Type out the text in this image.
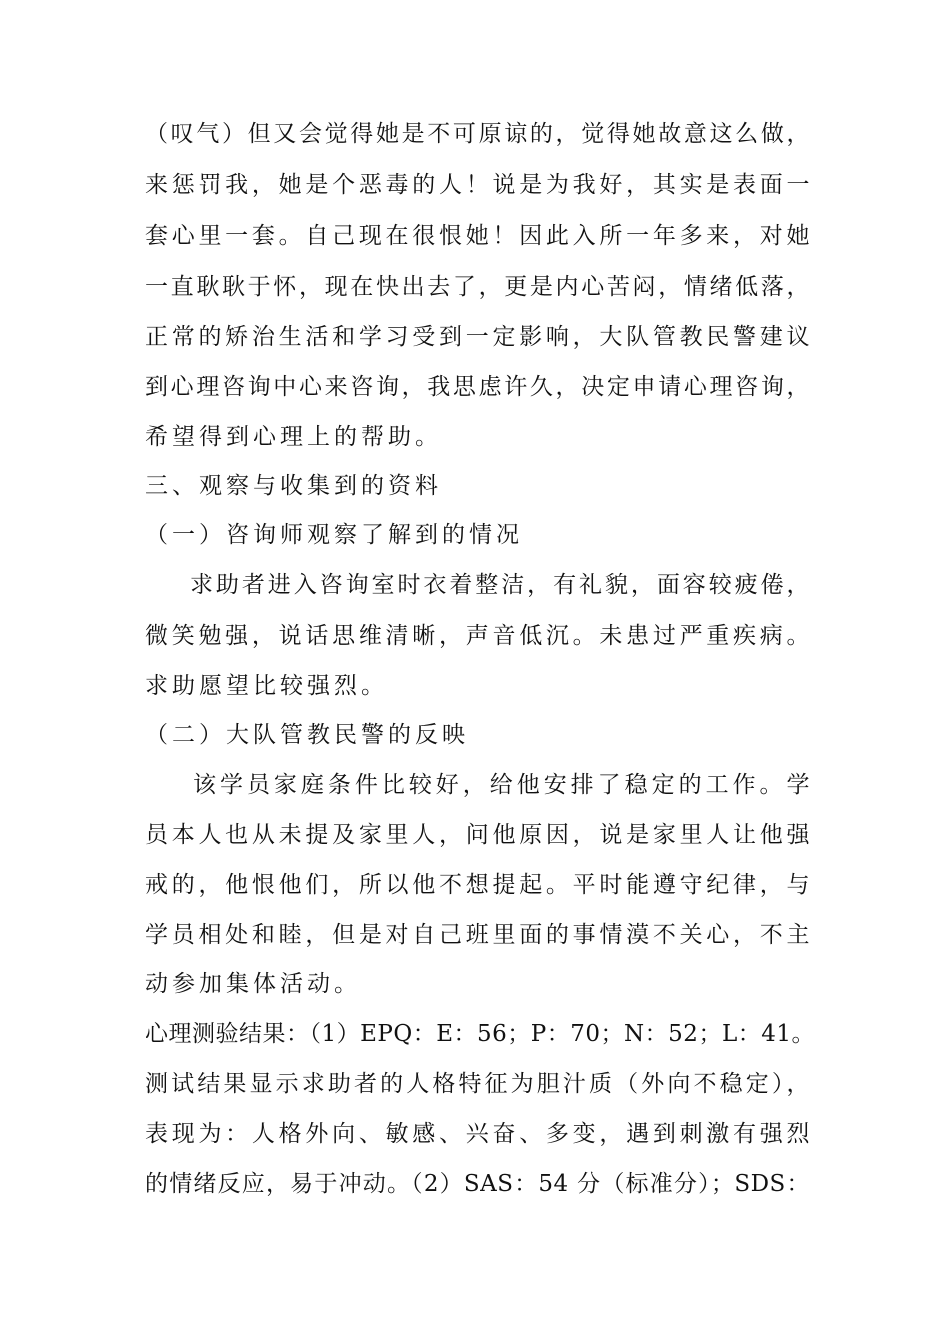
（叹气）但又会觉得她是不可原谅的，觉得她故意这么做，
来惩罚我，她是个恶毒的人！说是为我好，其实是表面一
套心里一套。自己现在很恨她！因此入所一年多来，对她
一直耿耿于怀，现在快出去了，更是内心苦闷，情绪低落，
正常的矫治生活和学习受到一定影响，大队管教民警建议
到心理咨询中心来咨询，我思虑许久，决定申请心理咨询，
希望得到心理上的帮助。
三、观察与收集到的资料
（一）咨询师观察了解到的情况
求助者进入咨询室时衣着整洁，有礼貌，面容较疲倦，
微笑勉强，说话思维清晰，声音低沉。未患过严重疾病。
求助愿望比较强烈。
（二）大队管教民警的反映
该学员家庭条件比较好，给他安排了稳定的工作。学
员本人也从未提及家里人，问他原因，说是家里人让他强
戒的，他恨他们，所以他不想提起。平时能遵守纪律，与
学员相处和睦，但是对自己班里面的事情漠不关心，不主
动参加集体活动。
心理测验结果：（1）EPQ：E：56；P：70；N：52；L：41。
测试结果显示求助者的人格特征为胆汁质（外向不稳定），
表现为：人格外向、敏感、兴奋、多变，遇到刺激有强烈
的情绪反应，易于冲动。（2）SAS：54 分（标准分）；SDS：
